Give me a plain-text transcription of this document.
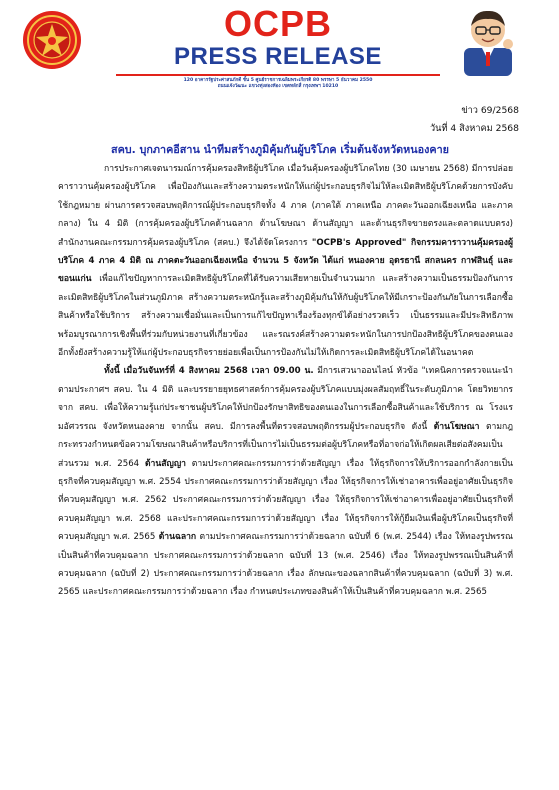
OCPB
PRESS RELEASE
120 อาคารรัฐประศาสนภักดี ชั้น 5 ศูนย์ราชการเฉลิมพระเกียรติ 80 พรรษา 5 ธันวาคม 2550
ถนนแจ้งวัฒนะ แขวงทุ่งสองห้อง เขตหลักสี่ กรุงเทพฯ 10210
ข่าว 69/2568
วันที่ 4 สิงหาคม 2568
สคบ. บุกภาคอีสาน นำทีมสร้างภูมิคุ้มกันผู้บริโภค เริ่มต้นจังหวัดหนองคาย

การประกาศเจตนารมณ์การคุ้มครองสิทธิผู้บริโภค เมื่อวันคุ้มครองผู้บริโภคไทย (30 เมษายน 2568) มีการปล่อยคาราวานคุ้มครองผู้บริโภค เพื่อป้องกันและสร้างความตระหนักให้แก่ผู้ประกอบธุรกิจไม่ให้ละเมิดสิทธิผู้บริโภคด้วยการบังคับใช้กฎหมาย ผ่านการตรวจสอบพฤติการณ์ผู้ประกอบธุรกิจทั้ง 4 ภาค (ภาคใต้ ภาคเหนือ ภาคตะวันออกเฉียงเหนือ และภาคกลาง) ใน 4 มิติ (การคุ้มครองผู้บริโภคด้านฉลาก ด้านโฆษณา ด้านสัญญา และด้านธุรกิจขายตรงและตลาดแบบตรง) สำนักงานคณะกรรมการคุ้มครองผู้บริโภค (สคบ.) จึงได้จัดโครงการ "OCPB's Approved" กิจกรรมคาราวานคุ้มครองผู้บริโภค 4 ภาค 4 มิติ ณ ภาคตะวันออกเฉียงเหนือ จำนวน 5 จังหวัด ได้แก่ หนองคาย อุดรธานี สกลนคร กาฬสินธุ์ และขอนแก่น เพื่อแก้ไขปัญหาการละเมิดสิทธิผู้บริโภคที่ได้รับความเสียหายเป็นจำนวนมาก และสร้างความเป็นธรรมป้องกันการละเมิดสิทธิผู้บริโภคในส่วนภูมิภาค สร้างความตระหนักรู้และสร้างภูมิคุ้มกันให้กับผู้บริโภคให้มีเกราะป้องกันภัยในการเลือกซื้อสินค้าหรือใช้บริการ สร้างความเชื่อมั่นและเป็นการแก้ไขปัญหาเรื่องร้องทุกข์ได้อย่างรวดเร็ว เป็นธรรมและมีประสิทธิภาพ พร้อมบูรณาการเชิงพื้นที่ร่วมกับหน่วยงานที่เกี่ยวข้อง และรณรงค์สร้างความตระหนักในการปกป้องสิทธิผู้บริโภคของตนเอง อีกทั้งยังสร้างความรู้ให้แก่ผู้ประกอบธุรกิจรายย่อยเพื่อเป็นการป้องกันไม่ให้เกิดการละเมิดสิทธิผู้บริโภคได้ในอนาคต

ทั้งนี้ เมื่อวันจันทร์ที่ 4 สิงหาคม 2568 เวลา 09.00 น. มีการเสวนาออนไลน์ หัวข้อ "เทคนิคการตรวจแนะนำตามประกาศฯ สคบ. ใน 4 มิติ และบรรยายยุทธศาสตร์การคุ้มครองผู้บริโภคแบบมุ่งผลสัมฤทธิ์ในระดับภูมิภาค โดยวิทยากรจาก สคบ. เพื่อให้ความรู้แก่ประชาชนผู้บริโภคให้ปกป้องรักษาสิทธิของตนเองในการเลือกซื้อสินค้าและใช้บริการ ณ โรงแรมอัศวรรณ จังหวัดหนองคาย จากนั้น สคบ. มีการลงพื้นที่ตรวจสอบพฤติกรรมผู้ประกอบธุรกิจ ดังนี้ ด้านโฆษณา ตามกฎกระทรวงกำหนดข้อความโฆษณาสินค้าหรือบริการที่เป็นการไม่เป็นธรรมต่อผู้บริโภคหรือที่อาจก่อให้เกิดผลเสียต่อสังคมเป็นส่วนรวม พ.ศ. 2564 ด้านสัญญา ตามประกาศคณะกรรมการว่าด้วยสัญญา เรื่อง ให้ธุรกิจการให้บริการออกกำลังกายเป็นธุรกิจที่ควบคุมสัญญา พ.ศ. 2554 ประกาศคณะกรรมการว่าด้วยสัญญา เรื่อง ให้ธุรกิจการให้เช่าอาคารเพื่ออยู่อาศัยเป็นธุรกิจที่ควบคุมสัญญา พ.ศ. 2562 ประกาศคณะกรรมการว่าด้วยสัญญา เรื่อง ให้ธุรกิจการให้เช่าอาคารเพื่ออยู่อาศัยเป็นธุรกิจที่ควบคุมสัญญา พ.ศ. 2568 และประกาศคณะกรรมการว่าด้วยสัญญา เรื่อง ให้ธุรกิจการให้กู้ยืมเงินเพื่อผู้บริโภคเป็นธุรกิจที่ควบคุมสัญญา พ.ศ. 2565 ด้านฉลาก ตามประกาศคณะกรรมการว่าด้วยฉลาก ฉบับที่ 6 (พ.ศ. 2544) เรื่อง ให้ทองรูปพรรณเป็นสินค้าที่ควบคุมฉลาก ประกาศคณะกรรมการว่าด้วยฉลาก ฉบับที่ 13 (พ.ศ. 2546) เรื่อง ให้ทองรูปพรรณเป็นสินค้าที่ควบคุมฉลาก (ฉบับที่ 2) ประกาศคณะกรรมการว่าด้วยฉลาก เรื่อง ลักษณะของฉลากสินค้าที่ควบคุมฉลาก (ฉบับที่ 3) พ.ศ. 2565 และประกาศคณะกรรมการว่าด้วยฉลาก เรื่อง กำหนดประเภทของสินค้าให้เป็นสินค้าที่ควบคุมฉลาก พ.ศ. 2565
